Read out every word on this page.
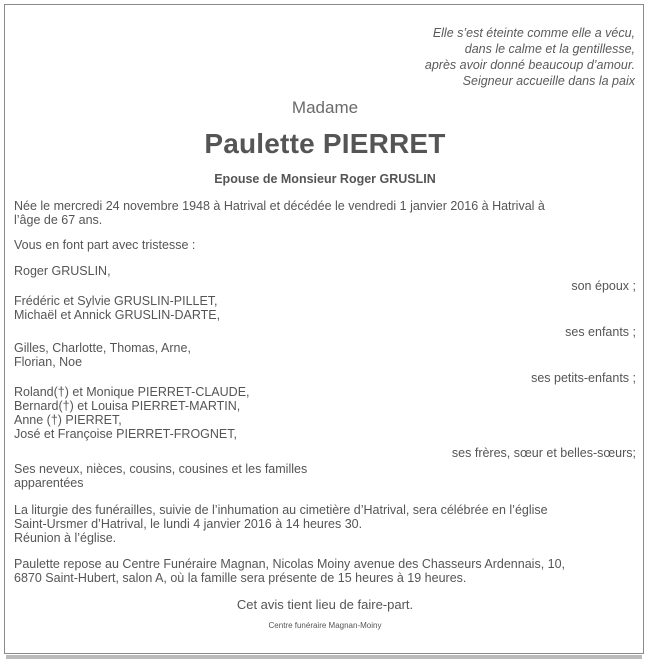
Elle s’est éteinte comme elle a vécu,
dans le calme et la gentillesse,
après avoir donné beaucoup d’amour.
Seigneur accueille dans la paix
Madame
Paulette PIERRET
Epouse de Monsieur Roger GRUSLIN
Née le mercredi 24 novembre 1948 à Hatrival et décédée le vendredi 1 janvier 2016 à Hatrival à
l’âge de 67 ans.
Vous en font part avec tristesse :
Roger GRUSLIN,
son époux ;
Frédéric et Sylvie GRUSLIN-PILLET,
Michaël et Annick GRUSLIN-DARTE,
ses enfants ;
Gilles, Charlotte, Thomas, Arne,
Florian, Noe
ses petits-enfants ;
Roland(†) et Monique PIERRET-CLAUDE,
Bernard(†) et Louisa PIERRET-MARTIN,
Anne (†) PIERRET,
José et Françoise PIERRET-FROGNET,
ses frères, sœur et belles-sœurs;
Ses neveux, nièces, cousins, cousines et les familles
apparentées
La liturgie des funérailles, suivie de l’inhumation au cimetière d’Hatrival, sera célébrée en l’église
Saint-Ursmer d’Hatrival, le lundi 4 janvier 2016 à 14 heures 30.
Réunion à l’église.
Paulette repose au Centre Funéraire Magnan, Nicolas Moiny avenue des Chasseurs Ardennais, 10,
6870 Saint-Hubert, salon A, où la famille sera présente de 15 heures à 19 heures.
Cet avis tient lieu de faire-part.
Centre funéraire Magnan-Moiny
